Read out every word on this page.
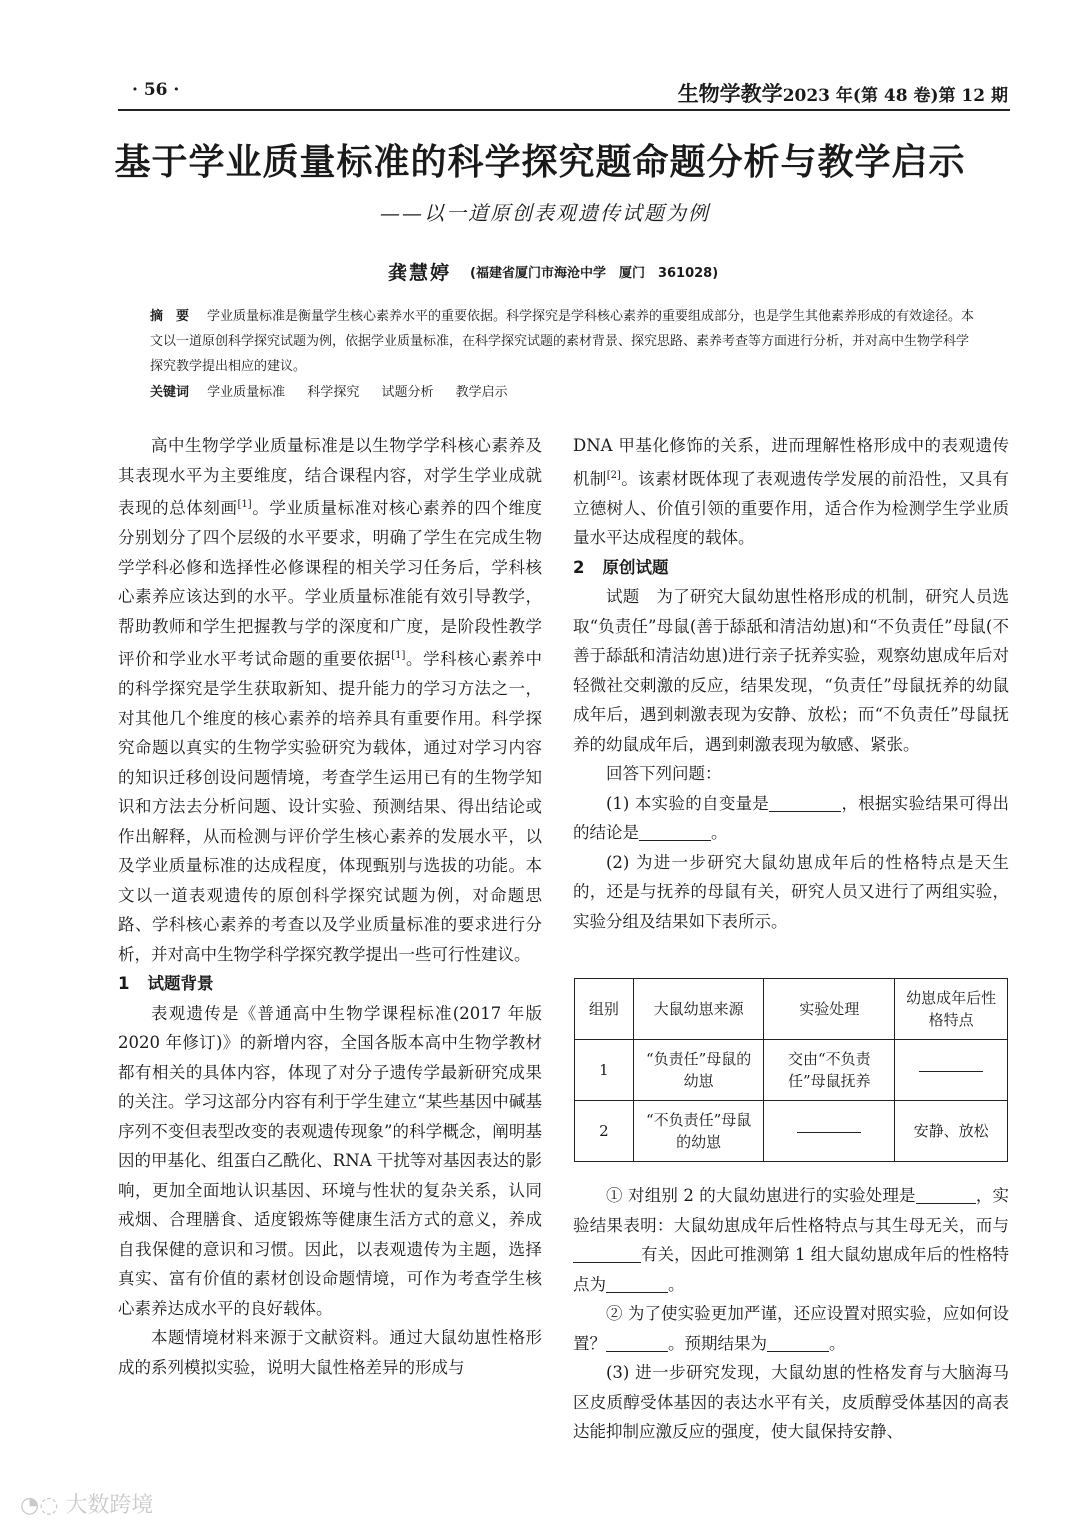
· 56 ·	生物学教学2023 年(第 48 卷)第 12 期
基于学业质量标准的科学探究题命题分析与教学启示
——以一道原创表观遗传试题为例
龚慧婷 (福建省厦门市海沧中学　厦门　361028)
摘　要 学业质量标准是衡量学生核心素养水平的重要依据。科学探究是学科核心素养的重要组成部分，也是学生其他素养形成的有效途径。本文以一道原创科学探究试题为例，依据学业质量标准，在科学探究试题的素材背景、探究思路、素养考查等方面进行分析，并对高中生物学科学探究教学提出相应的建议。
关键词 学业质量标准 科学探究 试题分析 教学启示

高中生物学学业质量标准是以生物学学科核心素养及其表现水平为主要维度，结合课程内容，对学生学业成就表现的总体刻画[1]。学业质量标准对核心素养的四个维度分别划分了四个层级的水平要求，明确了学生在完成生物学学科必修和选择性必修课程的相关学习任务后，学科核心素养应该达到的水平。学业质量标准能有效引导教学，帮助教师和学生把握教与学的深度和广度，是阶段性教学评价和学业水平考试命题的重要依据[1]。学科核心素养中的科学探究是学生获取新知、提升能力的学习方法之一，对其他几个维度的核心素养的培养具有重要作用。科学探究命题以真实的生物学实验研究为载体，通过对学习内容的知识迁移创设问题情境，考查学生运用已有的生物学知识和方法去分析问题、设计实验、预测结果、得出结论或作出解释，从而检测与评价学生核心素养的发展水平，以及学业质量标准的达成程度，体现甄别与选拔的功能。本文以一道表观遗传的原创科学探究试题为例，对命题思路、学科核心素养的考查以及学业质量标准的要求进行分析，并对高中生物学科学探究教学提出一些可行性建议。

1 试题背景

表观遗传是《普通高中生物学课程标准(2017 年版 2020 年修订)》的新增内容，全国各版本高中生物学教材都有相关的具体内容，体现了对分子遗传学最新研究成果的关注。学习这部分内容有利于学生建立“某些基因中碱基序列不变但表型改变的表观遗传现象”的科学概念，阐明基因的甲基化、组蛋白乙酰化、RNA 干扰等对基因表达的影响，更加全面地认识基因、环境与性状的复杂关系，认同戒烟、合理膳食、适度锻炼等健康生活方式的意义，养成自我保健的意识和习惯。因此，以表观遗传为主题，选择真实、富有价值的素材创设命题情境，可作为考查学生核心素养达成水平的良好载体。

本题情境材料来源于文献资料。通过大鼠幼崽性格形成的系列模拟实验，说明大鼠性格差异的形成与

DNA 甲基化修饰的关系，进而理解性格形成中的表观遗传机制[2]。该素材既体现了表观遗传学发展的前沿性，又具有立德树人、价值引领的重要作用，适合作为检测学生学业质量水平达成程度的载体。

2 原创试题

试题　为了研究大鼠幼崽性格形成的机制，研究人员选取“负责任”母鼠(善于舔舐和清洁幼崽)和“不负责任”母鼠(不善于舔舐和清洁幼崽)进行亲子抚养实验，观察幼崽成年后对轻微社交刺激的反应，结果发现，“负责任”母鼠抚养的幼鼠成年后，遇到刺激表现为安静、放松；而“不负责任”母鼠抚养的幼鼠成年后，遇到刺激表现为敏感、紧张。

回答下列问题：

(1) 本实验的自变量是	，根据实验结果可得出的结论是	。

(2) 为进一步研究大鼠幼崽成年后的性格特点是天生的，还是与抚养的母鼠有关，研究人员又进行了两组实验，实验分组及结果如下表所示。

组别	大鼠幼崽来源	实验处理	幼崽成年后性格特点
1	“负责任”母鼠的幼崽	交由“不负责任”母鼠抚养	
2	“不负责任”母鼠的幼崽		安静、放松

① 对组别 2 的大鼠幼崽进行的实验处理是	，实验结果表明：大鼠幼崽成年后性格特点与其生母无关，而与有关，因此可推测第 1 组大鼠幼崽成年后的性格特点为	。

② 为了使实验更加严谨，还应设置对照实验，应如何设置？	。预期结果为	。

(3) 进一步研究发现，大鼠幼崽的性格发育与大脑海马区皮质醇受体基因的表达水平有关，皮质醇受体基因的高表达能抑制应激反应的强度，使大鼠保持安静、

◔◌ 大数跨境
